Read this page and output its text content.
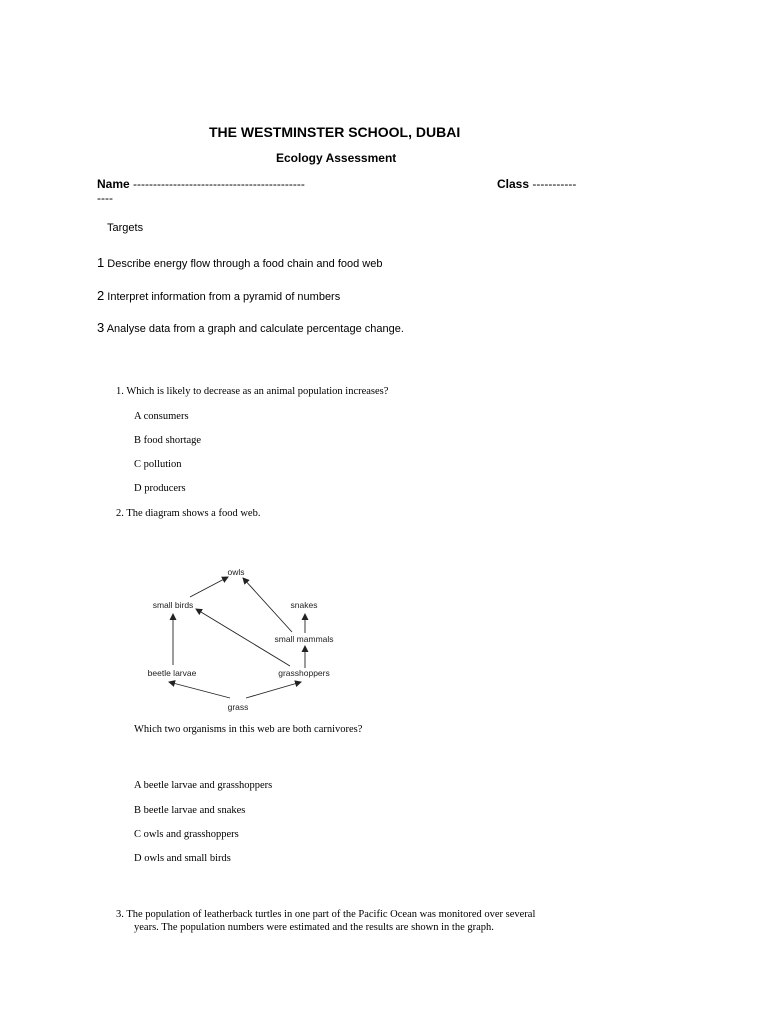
THE WESTMINSTER SCHOOL, DUBAI
Ecology Assessment
Name -------------------------------------------	Class -----------
----
Targets
1 Describe energy flow through a food chain and food web
2 Interpret information from a pyramid of numbers
3 Analyse data from a graph and calculate percentage change.
1. Which is likely to decrease as an animal population increases?
A consumers
B food shortage
C pollution
D producers
2. The diagram shows a food web.
owls
small birds	snakes
small mammals
beetle larvae	grasshoppers
grass
Which two organisms in this web are both carnivores?
A beetle larvae and grasshoppers
B beetle larvae and snakes
C owls and grasshoppers
D owls and small birds
3. The population of leatherback turtles in one part of the Pacific Ocean was monitored over several
years. The population numbers were estimated and the results are shown in the graph.
